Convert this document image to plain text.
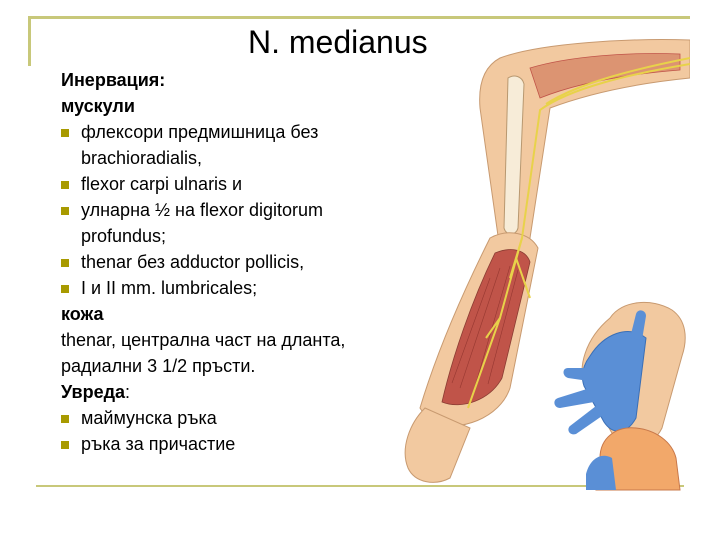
N. medianus
Инервация:
мускули
флексори предмишница без
brachioradialis,
flexor carpi ulnaris и
улнарна ½ на flexor digitorum
profundus;
thenar без adductor pollicis,
I и II mm. lumbricales;
кожа
thenar, централна част на дланта,
радиални 3 1/2 пръсти.
Увреда:
маймунска ръка
ръка за причастие
